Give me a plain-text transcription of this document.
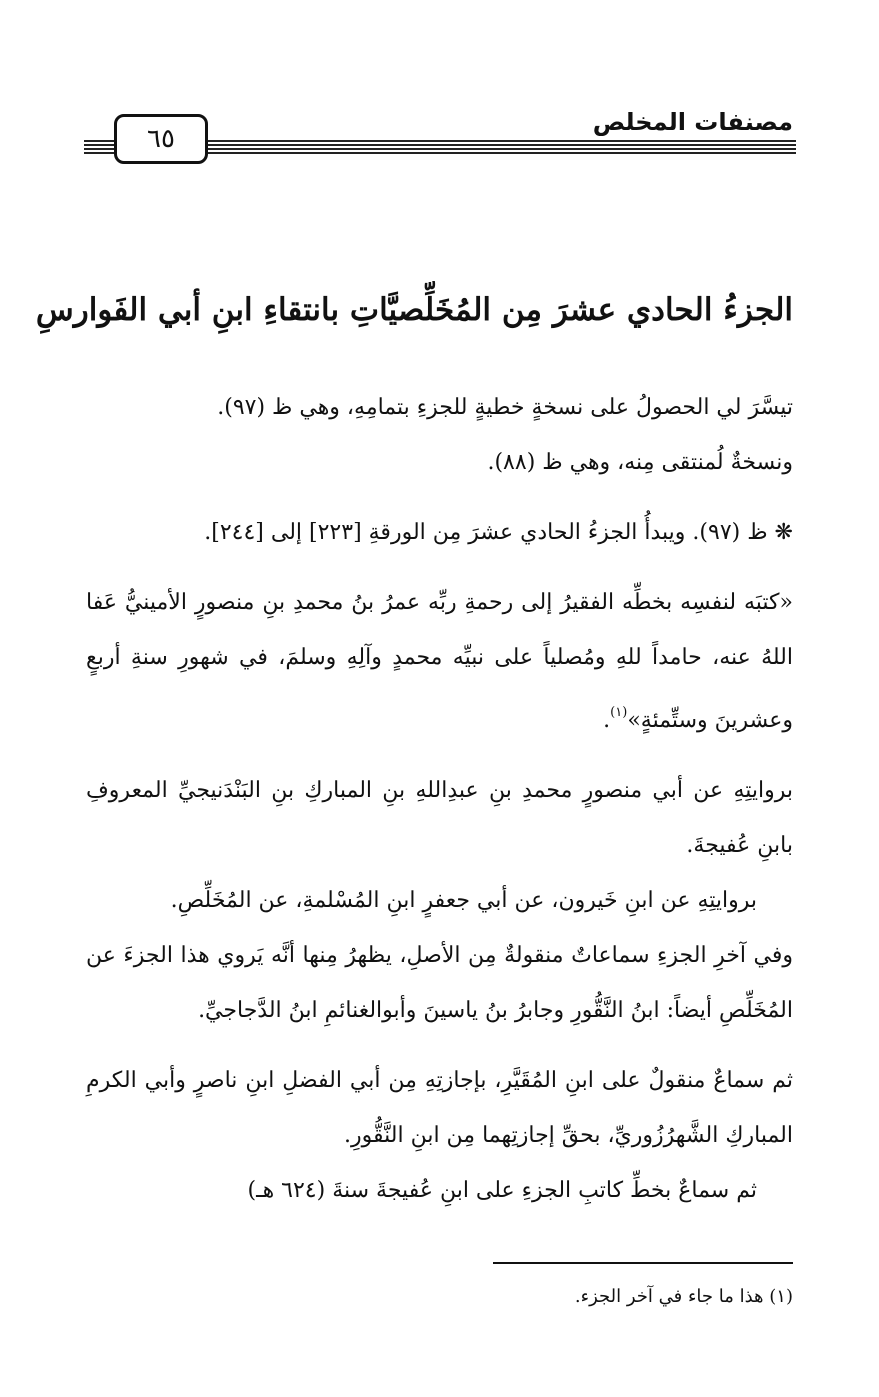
٦٥
مصنفات المخلص
الجزءُ الحادي عشرَ مِن المُخَلِّصيَّاتِ بانتقاءِ ابنِ أبي الفَوارسِ

تيسَّرَ لي الحصولُ على نسخةٍ خطيةٍ للجزءِ بتمامِهِ، وهي ظ (٩٧).

ونسخةٌ لُمنتقى مِنه، وهي ظ (٨٨).

❋ ظ (٩٧). ويبدأُ الجزءُ الحادي عشرَ مِن الورقةِ [٢٢٣] إلى [٢٤٤].

«كتبَه لنفسِه بخطِّه الفقيرُ إلى رحمةِ ربِّه عمرُ بنُ محمدِ بنِ منصورٍ الأمينيُّ عَفا اللهُ عنه، حامداً للهِ ومُصلياً على نبيِّه محمدٍ وآلِهِ وسلمَ، في شهورِ سنةِ أربعٍ وعشرينَ وستِّمئةٍ»$^{(١)}$.

بروايتِهِ عن أبي منصورٍ محمدِ بنِ عبدِاللهِ بنِ المباركِ بنِ البَنْدَنيجيِّ المعروفِ بابنِ عُفيجةَ.

بروايتِهِ عن ابنِ خَيرون، عن أبي جعفرٍ ابنِ المُسْلمةِ، عن المُخَلِّصِ.

وفي آخرِ الجزءِ سماعاتٌ منقولةٌ مِن الأصلِ، يظهرُ مِنها أنَّه يَروي هذا الجزءَ عن المُخَلِّصِ أيضاً: ابنُ النَّقُّورِ وجابرُ بنُ ياسينَ وأبوالغنائمِ ابنُ الدَّجاجيِّ.

ثم سماعٌ منقولٌ على ابنِ المُقَيَّرِ، بإجازتِهِ مِن أبي الفضلِ ابنِ ناصرٍ وأبي الكرمِ المباركِ الشَّهرُزُوريِّ، بحقِّ إجازتِهما مِن ابنِ النَّقُّورِ.

ثم سماعٌ بخطِّ كاتبِ الجزءِ على ابنِ عُفيجةَ سنةَ (٦٢٤ هـ)

(١) هذا ما جاء في آخر الجزء.
